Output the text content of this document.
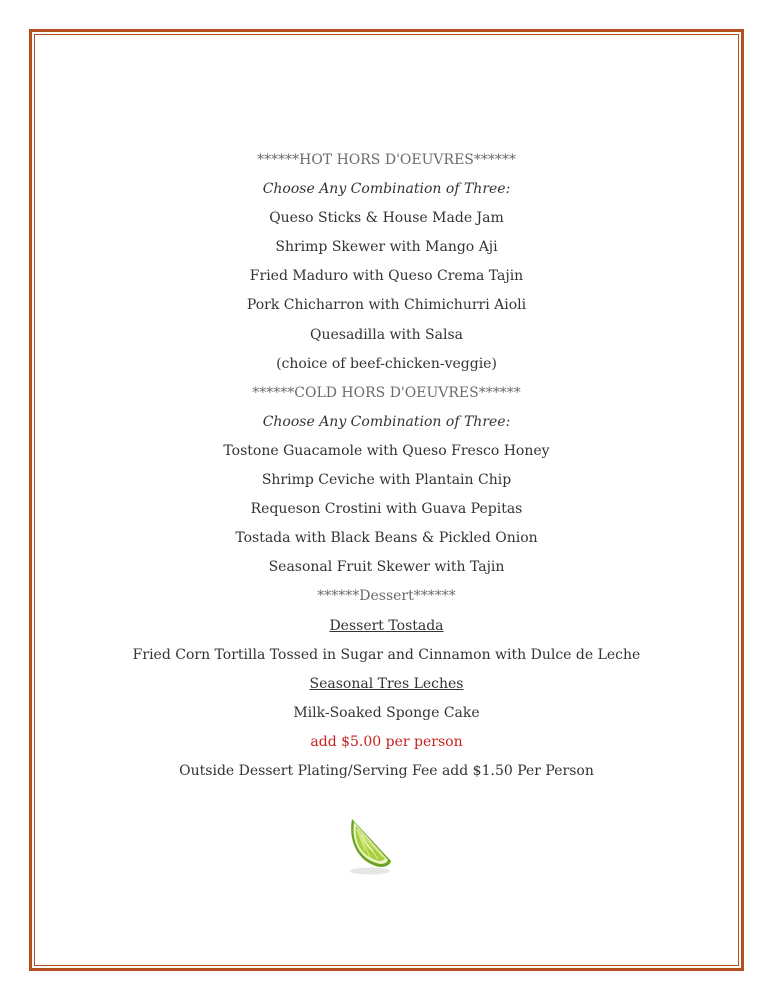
******HOT HORS D'OEUVRES******
Choose Any Combination of Three:
Queso Sticks & House Made Jam
Shrimp Skewer with Mango Aji
Fried Maduro with Queso Crema Tajin
Pork Chicharron with Chimichurri Aioli
Quesadilla with Salsa
(choice of beef-chicken-veggie)
******COLD HORS D'OEUVRES******
Choose Any Combination of Three:
Tostone Guacamole with Queso Fresco Honey
Shrimp Ceviche with Plantain Chip
Requeson Crostini with Guava Pepitas
Tostada with Black Beans & Pickled Onion
Seasonal Fruit Skewer with Tajin
******Dessert******
Dessert Tostada
Fried Corn Tortilla Tossed in Sugar and Cinnamon with Dulce de Leche
Seasonal Tres Leches
Milk-Soaked Sponge Cake
add $5.00 per person
Outside Dessert Plating/Serving Fee add $1.50 Per Person
